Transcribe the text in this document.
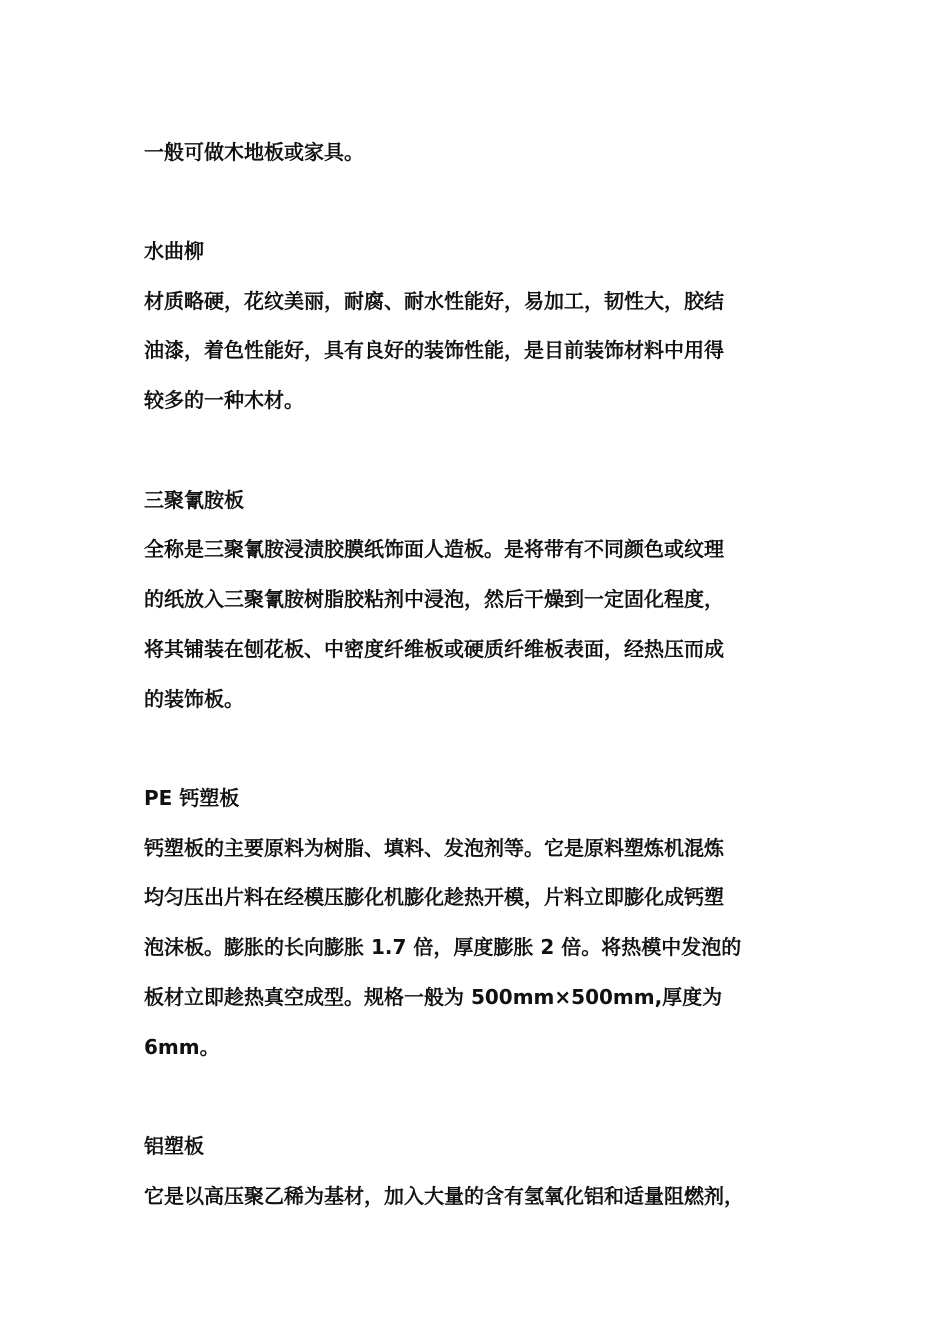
一般可做木地板或家具。
水曲柳
材质略硬，花纹美丽，耐腐、耐水性能好，易加工，韧性大，胶结
油漆，着色性能好，具有良好的装饰性能，是目前装饰材料中用得
较多的一种木材。
三聚氰胺板
全称是三聚氰胺浸渍胶膜纸饰面人造板。是将带有不同颜色或纹理
的纸放入三聚氰胺树脂胶粘剂中浸泡，然后干燥到一定固化程度，
将其铺装在刨花板、中密度纤维板或硬质纤维板表面，经热压而成
的装饰板。
PE 钙塑板
钙塑板的主要原料为树脂、填料、发泡剂等。它是原料塑炼机混炼
均匀压出片料在经模压膨化机膨化趁热开模，片料立即膨化成钙塑
泡沫板。膨胀的长向膨胀 1.7 倍，厚度膨胀 2 倍。将热模中发泡的
板材立即趁热真空成型。规格一般为 500mm×500mm,厚度为
6mm。
铝塑板
它是以高压聚乙稀为基材，加入大量的含有氢氧化铝和适量阻燃剂，
